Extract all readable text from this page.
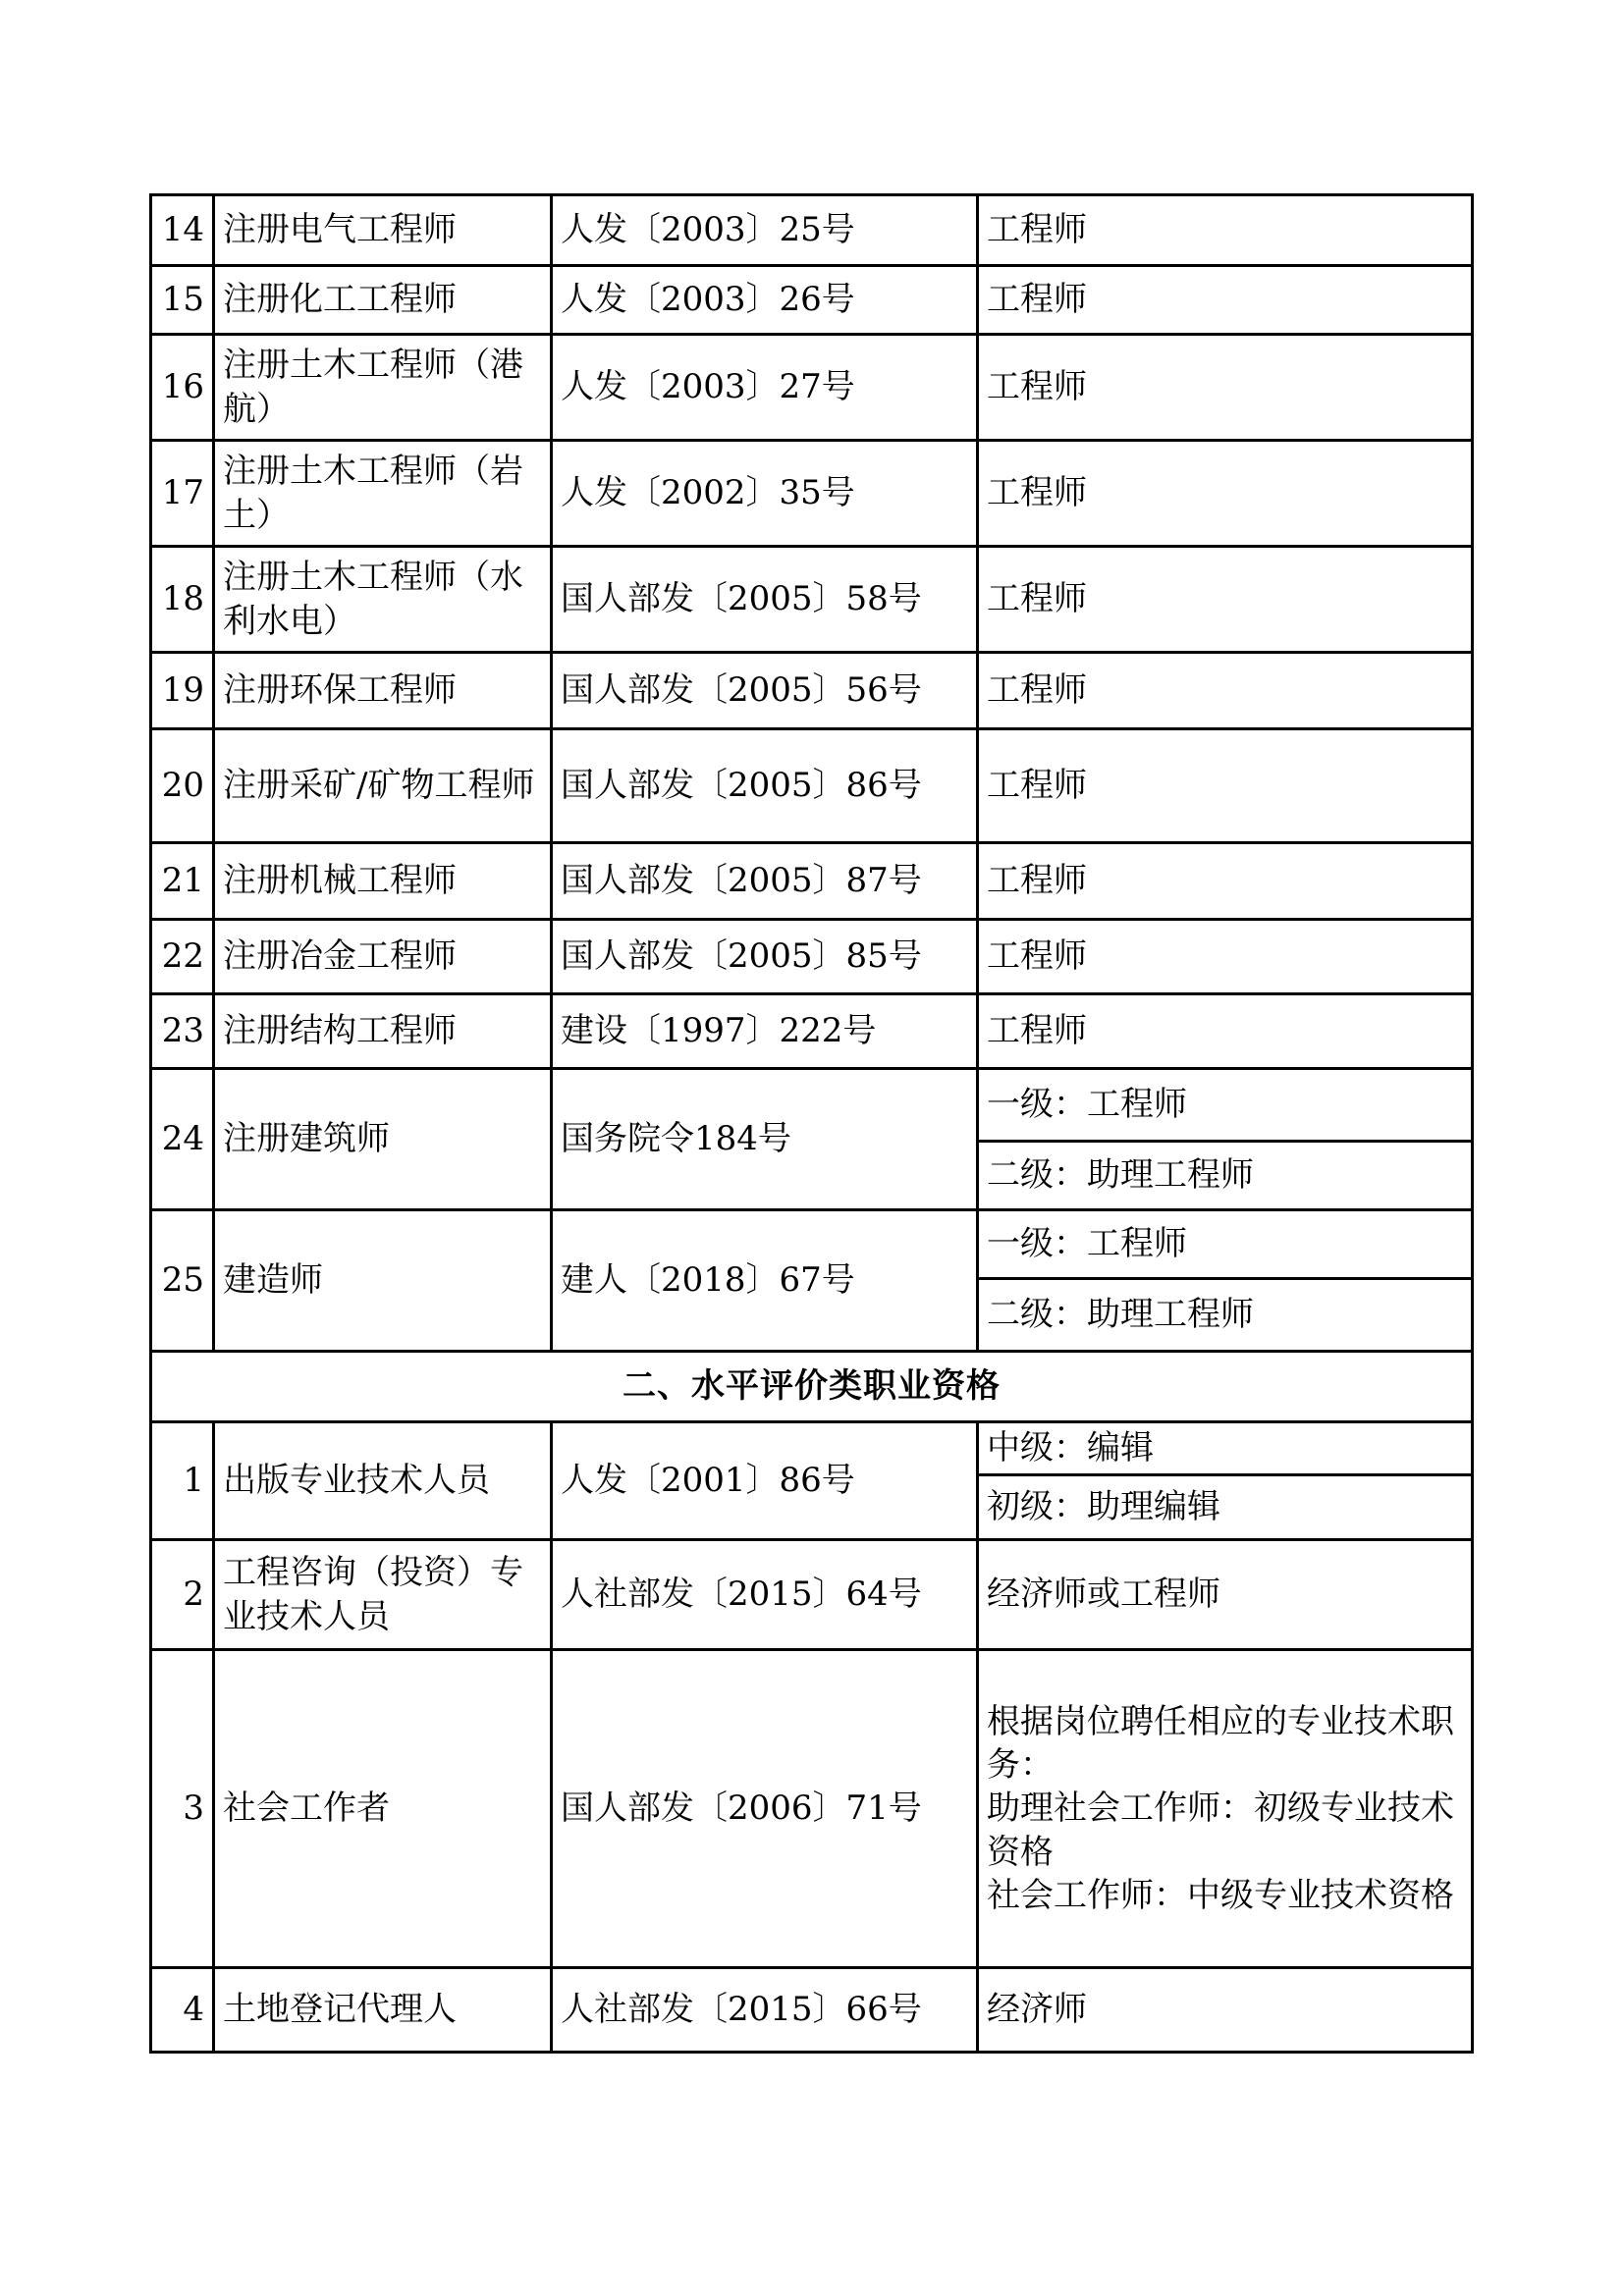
14	注册电气工程师	人发〔2003〕25号	工程师
15	注册化工工程师	人发〔2003〕26号	工程师
16	注册土木工程师（港航）	人发〔2003〕27号	工程师
17	注册土木工程师（岩土）	人发〔2002〕35号	工程师
18	注册土木工程师（水利水电）	国人部发〔2005〕58号	工程师
19	注册环保工程师	国人部发〔2005〕56号	工程师
20	注册采矿/矿物工程师	国人部发〔2005〕86号	工程师
21	注册机械工程师	国人部发〔2005〕87号	工程师
22	注册冶金工程师	国人部发〔2005〕85号	工程师
23	注册结构工程师	建设〔1997〕222号	工程师
24	注册建筑师	国务院令184号	一级：工程师
			二级：助理工程师
25	建造师	建人〔2018〕67号	一级：工程师
			二级：助理工程师
二、水平评价类职业资格			
1	出版专业技术人员	人发〔2001〕86号	中级：编辑
			初级：助理编辑
2	工程咨询（投资）专业技术人员	人社部发〔2015〕64号	经济师或工程师
3	社会工作者	国人部发〔2006〕71号	根据岗位聘任相应的专业技术职务：
助理社会工作师：初级专业技术资格
社会工作师：中级专业技术资格

4	土地登记代理人	人社部发〔2015〕66号	经济师
